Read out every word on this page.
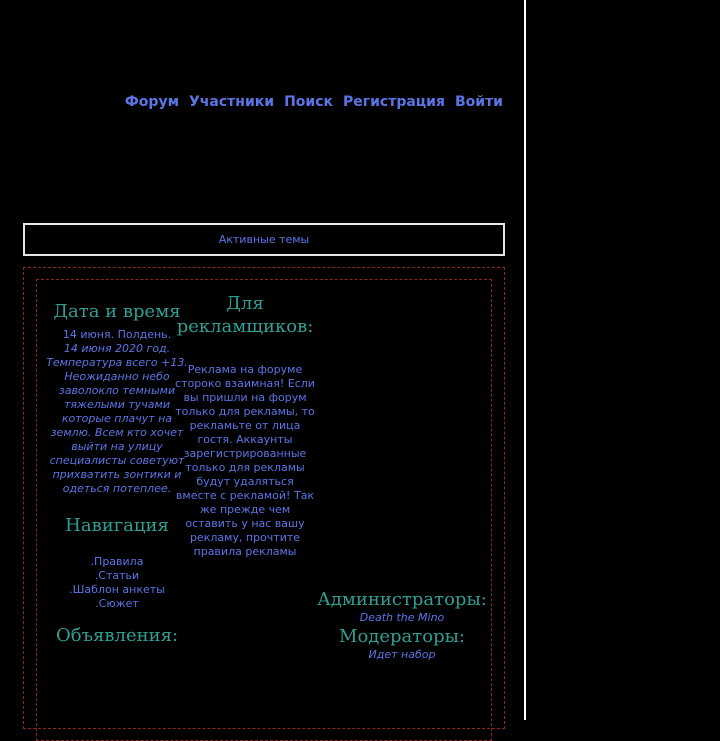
Форум Участники Поиск Регистрация Войти
Активные темы
Дата и время
14 июня. Полдень.
14 июня 2020 год. Температура всего +13. Неожиданно небо заволокло темными тяжелыми тучами которые плачут на землю. Всем кто хочет выйти на улицу специалисты советуют прихватить зонтики и одеться потеплее.
Навигация
.Правила
.Статьи
.Шаблон анкеты
.Сюжет
Объявления:
Для рекламщиков:
Реклама на форуме стороко взаимная! Если вы пришли на форум только для рекламы, то рекламьте от лица гостя. Аккаунты зарегистрированные только для рекламы будут удаляться вместе с рекламой! Так же прежде чем оставить у нас вашу рекламу, прочтите правила рекламы
Администраторы:
Death the Mino
Модераторы:
Идет набор
